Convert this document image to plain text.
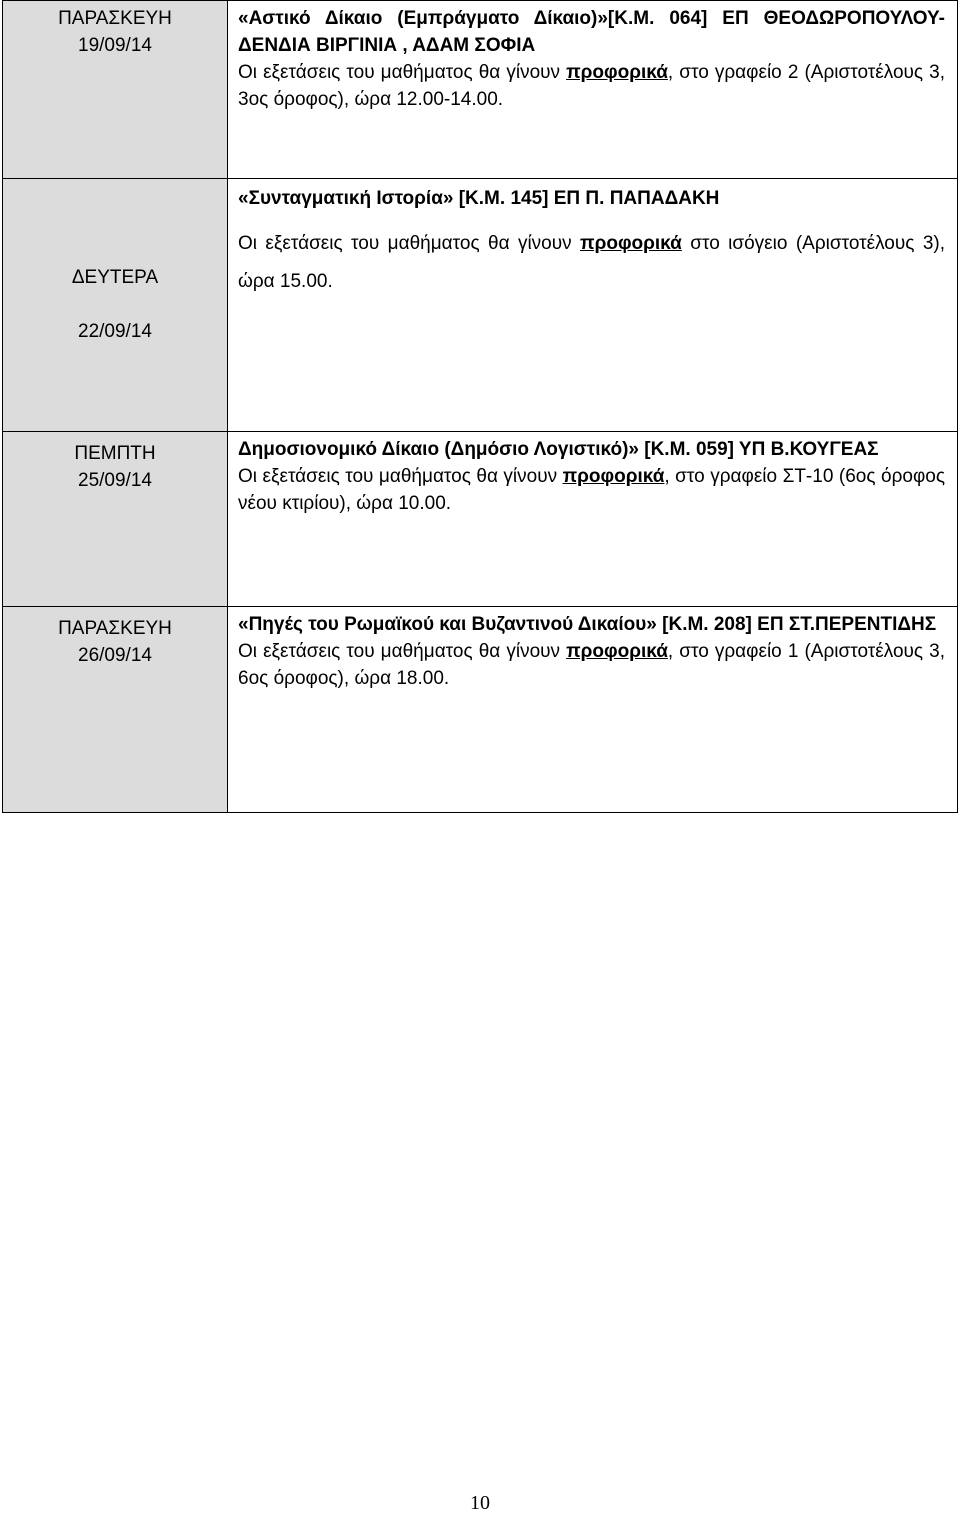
ΠΑΡΑΣΚΕΥΗ
19/09/14	«Αστικό Δίκαιο (Εμπράγματο Δίκαιο)»[Κ.Μ. 064] ΕΠ ΘΕΟΔΩΡΟΠΟΥΛΟΥ-ΔΕΝΔΙΑ ΒΙΡΓΙΝΙΑ , ΑΔΑΜ ΣΟΦΙΑ
Οι εξετάσεις του μαθήματος θα γίνουν προφορικά, στο γραφείο 2 (Αριστοτέλους 3, 3ος όροφος), ώρα 12.00-14.00.

ΔΕΥΤΕΡΑ
22/09/14	«Συνταγματική Ιστορία» [Κ.Μ. 145] ΕΠ Π. ΠΑΠΑΔΑΚΗ
Οι εξετάσεις του μαθήματος θα γίνουν προφορικά στο ισόγειο (Αριστοτέλους 3), ώρα 15.00.

ΠΕΜΠΤΗ
25/09/14	Δημοσιονομικό Δίκαιο (Δημόσιο Λογιστικό)» [Κ.Μ. 059] ΥΠ Β.ΚΟΥΓΕΑΣ
Οι εξετάσεις του μαθήματος θα γίνουν προφορικά, στο γραφείο ΣΤ-10 (6ος όροφος νέου κτιρίου), ώρα 10.00.

ΠΑΡΑΣΚΕΥΗ
26/09/14	«Πηγές του Ρωμαϊκού και Βυζαντινού Δικαίου» [Κ.Μ. 208] ΕΠ ΣΤ.ΠΕΡΕΝΤΙΔΗΣ
Οι εξετάσεις του μαθήματος θα γίνουν προφορικά, στο γραφείο 1 (Αριστοτέλους 3, 6ος όροφος), ώρα 18.00.
10
